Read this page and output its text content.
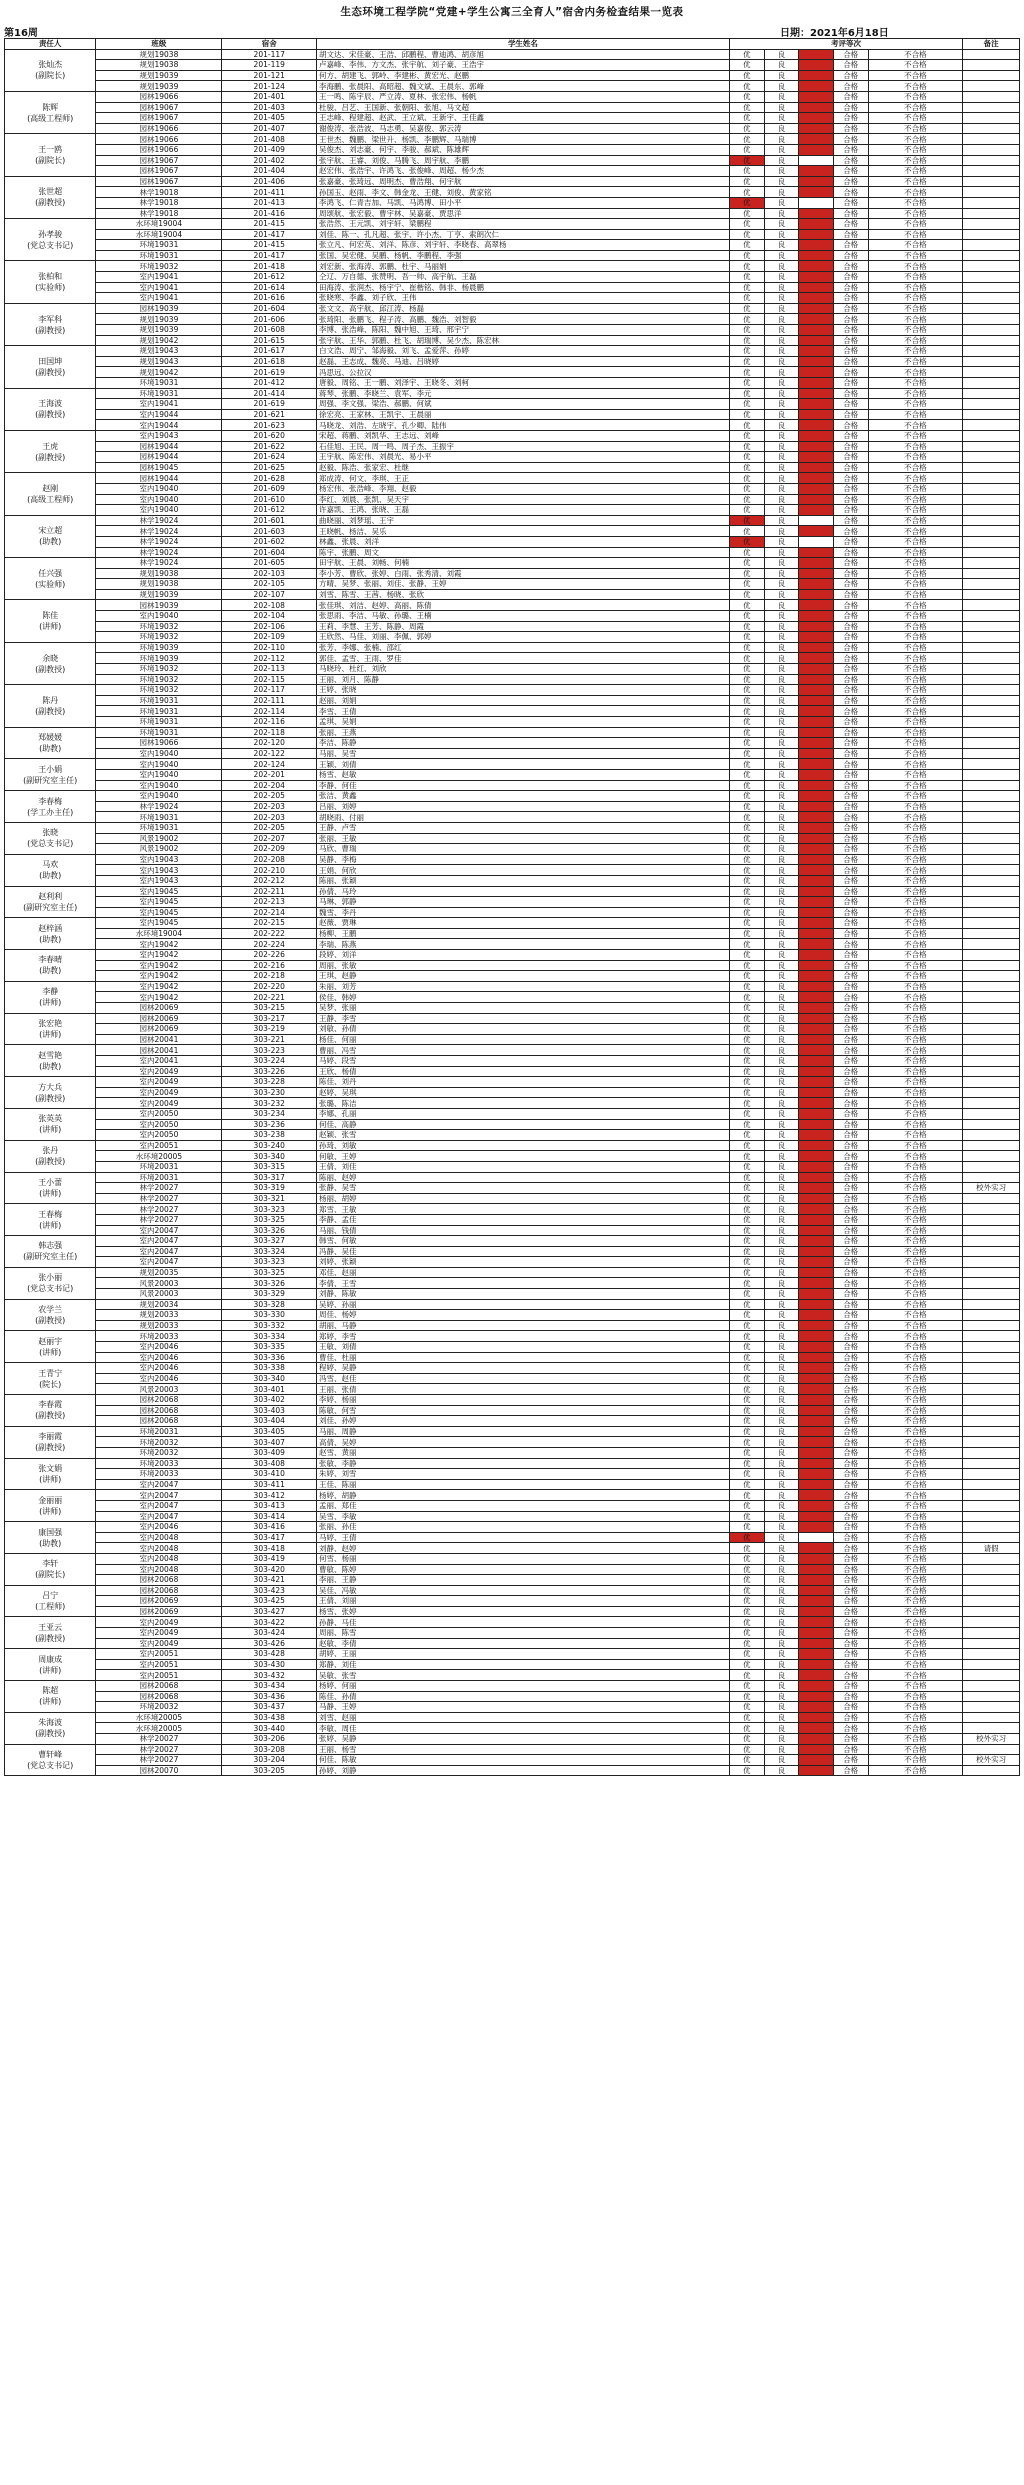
生态环境工程学院“党建+学生公寓三全育人”宿舍内务检查结果一览表
第16周	日期：2021年6月18日
责任人	班级	宿舍	学生姓名	考评等次					备注

张灿杰
(副院长)	规划19038	201-117	胡文达、宋佳豪、王浩、邱鹏程、曹迪鸿、胡彦旭	优	良		合格	不合格	
	规划19038	201-119	卢嘉峰、李伟、方文杰、张宇航、刘子豪、王浩宇	优	良		合格	不合格	
	规划19039	201-121	何方、胡建飞、郭岭、李建彬、黄宏光、赵鹏	优	良		合格	不合格	
	规划19039	201-124	李海鹏、张晨阳、高昭超、魏文斌、王晨东、郭峰	优	良		合格	不合格	

陈辉
(高级工程师)	园林19066	201-401	王一鸣、陈宇辰、严立涛、夏林、张宏伟、杨帆	优	良		合格	不合格	
	园林19067	201-403	杜骏、吕艺、王国新、张朝阳、张旭、马文超	优	良		合格	不合格	
	园林19067	201-405	王志峰、程建超、赵武、王立斌、王新宇、王佳鑫	优	良		合格	不合格	
	园林19066	201-407	谢俊涛、张浩波、马志勇、吴嘉俊、郭云涛	优	良		合格	不合格	

王一鸥
(副院长)	园林19066	201-408	王世杰、魏鹏、梁世升、杨凯、李鹏辉、马瑞博	优	良		合格	不合格	
	园林19066	201-409	吴俊杰、刘志豪、何宇、李骏、郝斌、陈雄辉	优	良		合格	不合格	
	园林19067	201-402	张宇航、王睿、刘俊、马腾飞、周宇航、李鹏	优	良		合格	不合格	
	园林19067	201-404	赵宏伟、张浩宇、许鸿飞、张俊峰、周超、杨少杰	优	良		合格	不合格	

张世超
(副教授)	园林19067	201-406	张嘉豪、张琦远、周明杰、曹浩翔、何宇航	优	良		合格	不合格	
	林学19018	201-411	孙国玉、赵雨、李文、韩金龙、王健、刘俊、黄家铭	优	良		合格	不合格	
	林学19018	201-413	李鸿飞、仁青吉加、马凯、马鸿博、田小平	优	良		合格	不合格	
	林学19018	201-416	周颂航、张宏毅、曹宇林、吴嘉豪、贾思洋	优	良		合格	不合格	

孙孝骏
(党总支书记)	水环境19004	201-415	张浩然、王元凯、刘宇轩、梁鹏程	优	良		合格	不合格	
	水环境19004	201-417	刘佳、陈一、孔凡超、张宇、许小杰、丁亨、索朗次仁	优	良		合格	不合格	
	环境19031	201-415	张立凡、何宏英、刘洋、陈彦、刘宇轩、李晓春、高翠杨	优	良		合格	不合格	
	环境19031	201-417	张国、吴宏健、吴鹏、杨帆、李鹏程、李强	优	良		合格	不合格	

张柏和
(实验师)	环境19032	201-418	刘宏新、张海涛、郭鹏、杜宇、马丽娟	优	良		合格	不合格	
	室内19041	201-612	仝辽、万自德、张赞明、吾一帅、高宇航、王磊	优	良		合格	不合格	
	室内19041	201-614	田海涛、张润杰、杨宇宁、崔楷铭、韩非、杨晨鹏	优	良		合格	不合格	
	室内19041	201-616	张晓寒、李鑫、刘子欣、王伟	优	良		合格	不合格	

李军科
(副教授)	园林19039	201-604	张文文、高宇航、邱江涛、杨磊	优	良		合格	不合格	
	规划19039	201-606	张琦阳、张鹏飞、程子涛、高鹏、魏浩、刘智毅	优	良		合格	不合格	
	规划19039	201-608	李博、张浩峰、陈阳、魏中旭、王琦、邢宇宁	优	良		合格	不合格	
	规划19042	201-615	张宇航、王华、郭鹏、杜飞、胡瑞博、吴少杰、陈宏林	优	良		合格	不合格	

田国坤
(副教授)	规划19043	201-617	白文浩、周宁、邹海毅、刘飞、孟爱萍、孙婷	优	良		合格	不合格	
	规划19043	201-618	赵磊、王志成、魏亮、马迪、吕晓婷	优	良		合格	不合格	
	规划19042	201-619	冯思远、公拉汉	优	良		合格	不合格	
	环境19031	201-412	唐毅、周铭、王一鹏、刘泽宇、王晓冬、刘柯	优	良		合格	不合格	

王海波
(副教授)	环境19031	201-414	蒋琴、张鹏、李晓兰、袁军、李元	优	良		合格	不合格	
	室内19041	201-619	周强、李文强、梁浩、郝鹏、何斌	优	良		合格	不合格	
	室内19044	201-621	徐宏亮、王家林、王凯宇、王晨丽	优	良		合格	不合格	
	室内19044	201-623	马晓龙、刘浩、左晓宇、孔少卿、陆伟	优	良		合格	不合格	

王虎
(副教授)	室内19043	201-620	宋超、蒋鹏、刘凯华、王志远、刘峰	优	良		合格	不合格	
	园林19044	201-622	石佳旭、王民、周一鸣、周子杰、王振宇	优	良		合格	不合格	
	园林19044	201-624	王宇航、陈宏伟、刘晨光、易小平	优	良		合格	不合格	
	园林19045	201-625	赵毅、陈浩、张家宏、杜继	优	良		合格	不合格	

赵刚
(高级工程师)	园林19044	201-628	郑成涛、何文、李琪、王正	优	良		合格	不合格	
	室内19040	201-609	杨宏伟、张浩峰、李翔、赵毅	优	良		合格	不合格	
	室内19040	201-610	李红、刘晨、张凯、吴天宇	优	良		合格	不合格	
	室内19040	201-612	许嘉凯、王鸿、张晓、王磊	优	良		合格	不合格	

宋立超
(助教)	林学19024	201-601	曲晓丽、刘梦瑶、王宇	优	良		合格	不合格	
	林学19024	201-603	王晓帆、杨洁、吴乐	优	良		合格	不合格	
	林学19024	201-602	林鑫、张晨、刘洋	优	良		合格	不合格	
	林学19024	201-604	陈宇、张鹏、周文	优	良		合格	不合格	

任兴强
(实验师)	林学19024	201-605	田宇航、王晨、刘畅、何楠	优	良		合格	不合格	
	规划19038	202-103	李小芳、曹欣、张婷、白雨、张秀清、刘霞	优	良		合格	不合格	
	规划19038	202-105	方晴、吴梦、张丽、刘佳、张静、王婷	优	良		合格	不合格	
	规划19039	202-107	刘雪、陈雪、王茜、杨晓、张欣	优	良		合格	不合格	

陈佳
(讲师)	园林19039	202-108	张佳琪、刘洁、赵婷、高丽、陈倩	优	良		合格	不合格	
	室内19040	202-104	张思雨、李洁、马敏、孙璐、王楠	优	良		合格	不合格	
	环境19032	202-106	王莉、李慧、王芳、陈静、周霞	优	良		合格	不合格	
	环境19032	202-109	王欣然、马佳、刘丽、李佩、郭婷	优	良		合格	不合格	

余晓
(副教授)	环境19039	202-110	张芳、李娜、张楠、邵红	优	良		合格	不合格	
	环境19039	202-112	郭佳、孟雪、王雨、罗佳	优	良		合格	不合格	
	环境19032	202-113	马晓玲、杜红、刘欣	优	良		合格	不合格	
	环境19032	202-115	王丽、刘月、陈静	优	良		合格	不合格	

陈丹
(副教授)	环境19032	202-117	王婷、张晓	优	良		合格	不合格	
	环境19031	202-111	赵丽、刘娟	优	良		合格	不合格	
	环境19031	202-114	李雪、王倩	优	良		合格	不合格	
	环境19031	202-116	孟琪、吴娟	优	良		合格	不合格	

郑媛媛
(助教)	环境19031	202-118	张丽、王燕	优	良		合格	不合格	
	园林19066	202-120	李洁、陈静	优	良		合格	不合格	
	室内19040	202-122	马丽、吴雪	优	良		合格	不合格	

王小娟
(副研究室主任)	室内19040	202-124	王颖、刘倩	优	良		合格	不合格	
	室内19040	202-201	杨雪、赵敏	优	良		合格	不合格	
	室内19040	202-204	李静、何佳	优	良		合格	不合格	

李春梅
(学工办主任)	室内19040	202-205	张洁、黄鑫	优	良		合格	不合格	
	林学19024	202-203	吕丽、刘婷	优	良		合格	不合格	
	环境19031	202-203	胡晓雨、付丽	优	良		合格	不合格	

张晓
(党总支书记)	环境19031	202-205	王静、卢雪	优	良		合格	不合格	
	风景19002	202-207	张丽、王敏	优	良		合格	不合格	
	风景19002	202-209	马欣、曹瑞	优	良		合格	不合格	

马欢
(助教)	室内19043	202-208	吴静、李梅	优	良		合格	不合格	
	室内19043	202-210	王娟、何欣	优	良		合格	不合格	
	室内19043	202-212	陈丽、张颖	优	良		合格	不合格	

赵利利
(副研究室主任)	室内19045	202-211	孙倩、马玲	优	良		合格	不合格	
	室内19045	202-213	马琳、郭静	优	良		合格	不合格	
	室内19045	202-214	魏雪、李丹	优	良		合格	不合格	

赵梓涵
(助教)	室内19045	202-215	赵薇、贾琳	优	良		合格	不合格	
	水环境19004	202-222	杨柳、王鹏	优	良		合格	不合格	
	室内19042	202-224	李瑞、陈燕	优	良		合格	不合格	

李春晴
(助教)	室内19042	202-226	段婷、刘洋	优	良		合格	不合格	
	室内19042	202-216	周丽、张敏	优	良		合格	不合格	
	室内19042	202-218	王琪、赵静	优	良		合格	不合格	

李静
(讲师)	室内19042	202-220	朱丽、刘芳	优	良		合格	不合格	
	室内19042	202-221	侯佳、韩婷	优	良		合格	不合格	
	园林20069	303-215	吴梦、张丽	优	良		合格	不合格	

张宏艳
(讲师)	园林20069	303-217	王静、李雪	优	良		合格	不合格	
	园林20069	303-219	刘敏、孙倩	优	良		合格	不合格	
	园林20041	303-221	杨佳、何丽	优	良		合格	不合格	

赵雪艳
(助教)	园林20041	303-223	曹丽、冯雪	优	良		合格	不合格	
	室内20041	303-224	马婷、段雪	优	良		合格	不合格	
	室内20049	303-226	王欣、杨倩	优	良		合格	不合格	

方大兵
(副教授)	室内20049	303-228	陈佳、刘丹	优	良		合格	不合格	
	室内20049	303-230	赵婷、吴琪	优	良		合格	不合格	
	室内20049	303-232	张璐、陈洁	优	良		合格	不合格	

张英英
(讲师)	室内20050	303-234	李娜、孔丽	优	良		合格	不合格	
	室内20050	303-236	何佳、高静	优	良		合格	不合格	
	室内20050	303-238	赵颖、张雪	优	良		合格	不合格	

张丹
(副教授)	室内20051	303-240	孙琦、刘敏	优	良		合格	不合格	
	水环境20005	303-340	何敏、王婷	优	良		合格	不合格	
	环境20031	303-315	王倩、刘佳	优	良		合格	不合格	

王小蕾
(讲师)	环境20031	303-317	陈丽、赵婷	优	良		合格	不合格	
	林学20027	303-319	张静、吴雪	优	良		合格	不合格	校外实习
	林学20027	303-321	杨丽、胡婷	优	良		合格	不合格	

王春梅
(讲师)	林学20027	303-323	郑雪、王敏	优	良		合格	不合格	
	林学20027	303-325	李静、孟佳	优	良		合格	不合格	
	室内20047	303-326	马丽、钱倩	优	良		合格	不合格	

韩志强
(副研究室主任)	室内20047	303-327	韩雪、何敏	优	良		合格	不合格	
	室内20047	303-324	冯静、吴佳	优	良		合格	不合格	
	室内20047	303-323	刘婷、张颖	优	良		合格	不合格	

张小丽
(党总支书记)	规划20035	303-325	邓佳、赵丽	优	良		合格	不合格	
	风景20003	303-326	李倩、王雪	优	良		合格	不合格	
	风景20003	303-329	刘静、陈敏	优	良		合格	不合格	

农学兰
(副教授)	规划20034	303-328	吴婷、孙丽	优	良		合格	不合格	
	规划20033	303-330	周佳、杨婷	优	良		合格	不合格	
	规划20033	303-332	胡丽、马静	优	良		合格	不合格	

赵丽宇
(讲师)	环境20033	303-334	郑婷、李雪	优	良		合格	不合格	
	室内20046	303-335	王敏、刘倩	优	良		合格	不合格	
	室内20046	303-336	曹佳、杜丽	优	良		合格	不合格	

王青宁
(院长)	室内20046	303-338	程婷、吴静	优	良		合格	不合格	
	室内20046	303-340	冯雪、赵佳	优	良		合格	不合格	
	风景20003	303-401	王丽、张倩	优	良		合格	不合格	

李春霞
(副教授)	园林20068	303-402	李婷、杨丽	优	良		合格	不合格	
	园林20068	303-403	陈敏、何雪	优	良		合格	不合格	
	园林20068	303-404	刘佳、孙婷	优	良		合格	不合格	

李丽霞
(副教授)	环境20031	303-405	马丽、周静	优	良		合格	不合格	
	环境20032	303-407	高倩、吴婷	优	良		合格	不合格	
	环境20032	303-409	赵雪、黄丽	优	良		合格	不合格	

张文娟
(讲师)	环境20033	303-408	张敏、李静	优	良		合格	不合格	
	环境20033	303-410	朱婷、刘雪	优	良		合格	不合格	
	室内20047	303-411	王佳、陈丽	优	良		合格	不合格	

金丽丽
(讲师)	室内20047	303-412	杨婷、胡静	优	良		合格	不合格	
	室内20047	303-413	孟丽、郑佳	优	良		合格	不合格	
	室内20047	303-414	吴雪、李敏	优	良		合格	不合格	

康国强
(助教)	室内20046	303-416	张丽、孙佳	优	良		合格	不合格	
	室内20048	303-417	马婷、王倩	优	良		合格	不合格	
	室内20048	303-418	刘静、赵婷	优	良		合格	不合格	请假

李轩
(副院长)	室内20048	303-419	何雪、杨丽	优	良		合格	不合格	
	室内20048	303-420	曹敏、陈婷	优	良		合格	不合格	
	园林20068	303-421	李丽、王静	优	良		合格	不合格	

吕宁
(工程师)	园林20068	303-423	吴佳、冯敏	优	良		合格	不合格	
	园林20069	303-425	王倩、刘丽	优	良		合格	不合格	
	园林20069	303-427	杨雪、张婷	优	良		合格	不合格	

王亚云
(副教授)	室内20049	303-422	孙静、马佳	优	良		合格	不合格	
	室内20049	303-424	周丽、陈雪	优	良		合格	不合格	
	室内20049	303-426	赵敏、李倩	优	良		合格	不合格	

周康成
(讲师)	室内20051	303-428	胡婷、王丽	优	良		合格	不合格	
	室内20051	303-430	郑静、刘佳	优	良		合格	不合格	
	室内20051	303-432	吴敏、张雪	优	良		合格	不合格	

陈超
(讲师)	园林20068	303-434	杨婷、何丽	优	良		合格	不合格	
	园林20068	303-436	陈佳、孙倩	优	良		合格	不合格	
	环境20032	303-437	马静、王婷	优	良		合格	不合格	

朱海波
(副教授)	水环境20005	303-438	刘雪、赵丽	优	良		合格	不合格	
	水环境20005	303-440	李敏、周佳	优	良		合格	不合格	
	林学20027	303-206	张婷、吴静	优	良		合格	不合格	校外实习

曹轩峰
(党总支书记)	林学20027	303-208	王丽、杨雪	优	良		合格	不合格	
	林学20027	303-204	何佳、陈敏	优	良		合格	不合格	校外实习
	园林20070	303-205	孙婷、刘静	优	良		合格	不合格	
